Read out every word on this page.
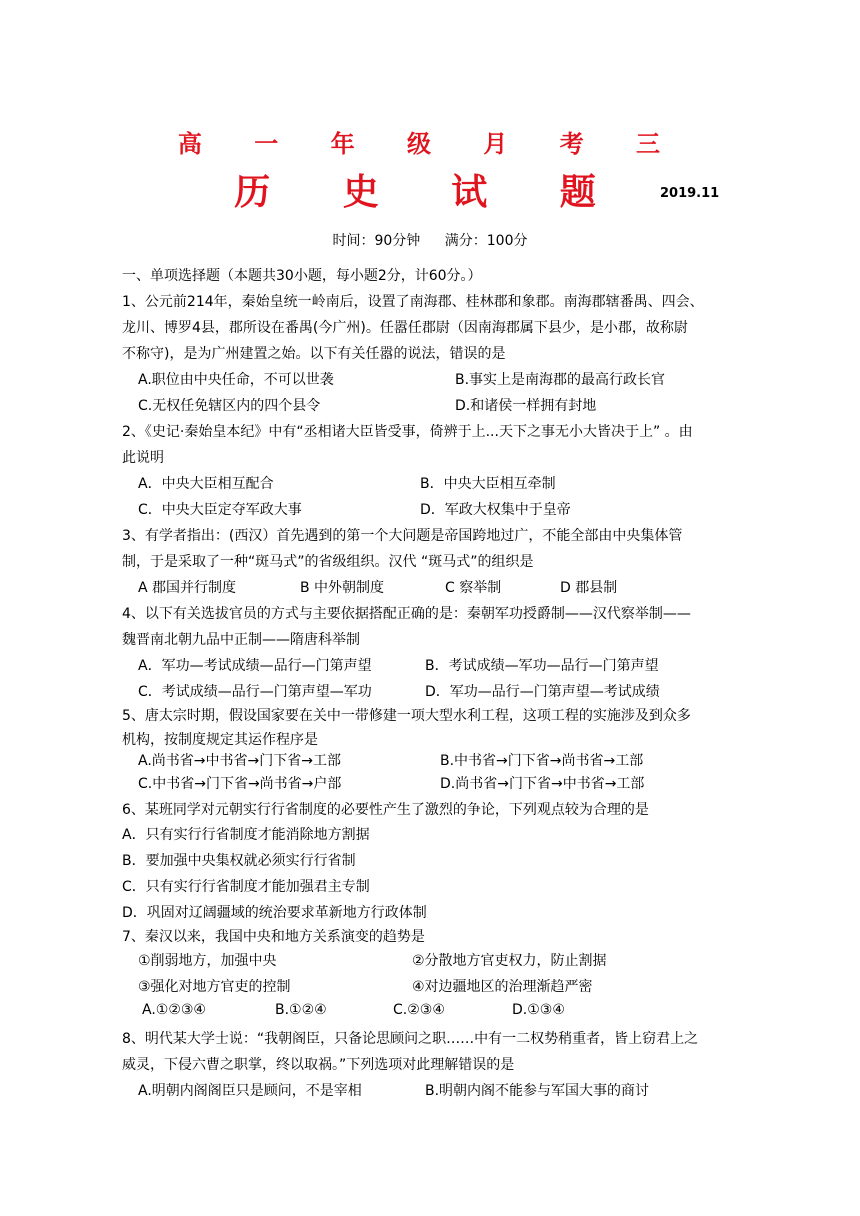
高 一 年 级 月 考 三
历 史 试 题	2019.11
时间：90分钟 满分：100分
一、单项选择题（本题共30小题，每小题2分，计60分。）
1、公元前214年，秦始皇统一岭南后，设置了南海郡、桂林郡和象郡。南海郡辖番禺、四会、
龙川、博罗4县，郡所设在番禺(今广州)。任嚣任郡尉（因南海郡属下县少，是小郡，故称尉
不称守)，是为广州建置之始。以下有关任嚣的说法，错误的是
A.职位由中央任命，不可以世袭	B.事实上是南海郡的最高行政长官
C.无权任免辖区内的四个县令	D.和诸侯一样拥有封地
2、《史记·秦始皇本纪》中有“丞相诸大臣皆受事，倚辨于上...天下之事无小大皆决于上” 。由
此说明
A．中央大臣相互配合	B．中央大臣相互牵制
C．中央大臣定夺军政大事	D．军政大权集中于皇帝
3、有学者指出：(西汉）首先遇到的第一个大问题是帝国跨地过广，不能全部由中央集体管
制，于是采取了一种“斑马式”的省级组织。汉代 “斑马式”的组织是
A 郡国并行制度	B 中外朝制度	C 察举制	D 郡县制
4、以下有关选拔官员的方式与主要依据搭配正确的是：秦朝军功授爵制——汉代察举制——
魏晋南北朝九品中正制——隋唐科举制
A．军功—考试成绩—品行—门第声望	B．考试成绩—军功—品行—门第声望
C．考试成绩—品行—门第声望—军功	D．军功—品行—门第声望—考试成绩
5、唐太宗时期，假设国家要在关中一带修建一项大型水利工程，这项工程的实施涉及到众多
机构，按制度规定其运作程序是
A.尚书省→中书省→门下省→工部	B.中书省→门下省→尚书省→工部
C.中书省→门下省→尚书省→户部	D.尚书省→门下省→中书省→工部
6、某班同学对元朝实行行省制度的必要性产生了激烈的争论，下列观点较为合理的是
A．只有实行行省制度才能消除地方割据
B．要加强中央集权就必须实行行省制
C．只有实行行省制度才能加强君主专制
D．巩固对辽阔疆域的统治要求革新地方行政体制
7、秦汉以来，我国中央和地方关系演变的趋势是
①削弱地方，加强中央	②分散地方官吏权力，防止割据
③强化对地方官吏的控制	④对边疆地区的治理渐趋严密
A.①②③④	B.①②④	C.②③④	D.①③④
8、明代某大学士说：“我朝阁臣，只备论思顾问之职……中有一二权势稍重者，皆上窃君上之
威灵，下侵六曹之职掌，终以取祸。”下列选项对此理解错误的是
A.明朝内阁阁臣只是顾问，不是宰相	B.明朝内阁不能参与军国大事的商讨
